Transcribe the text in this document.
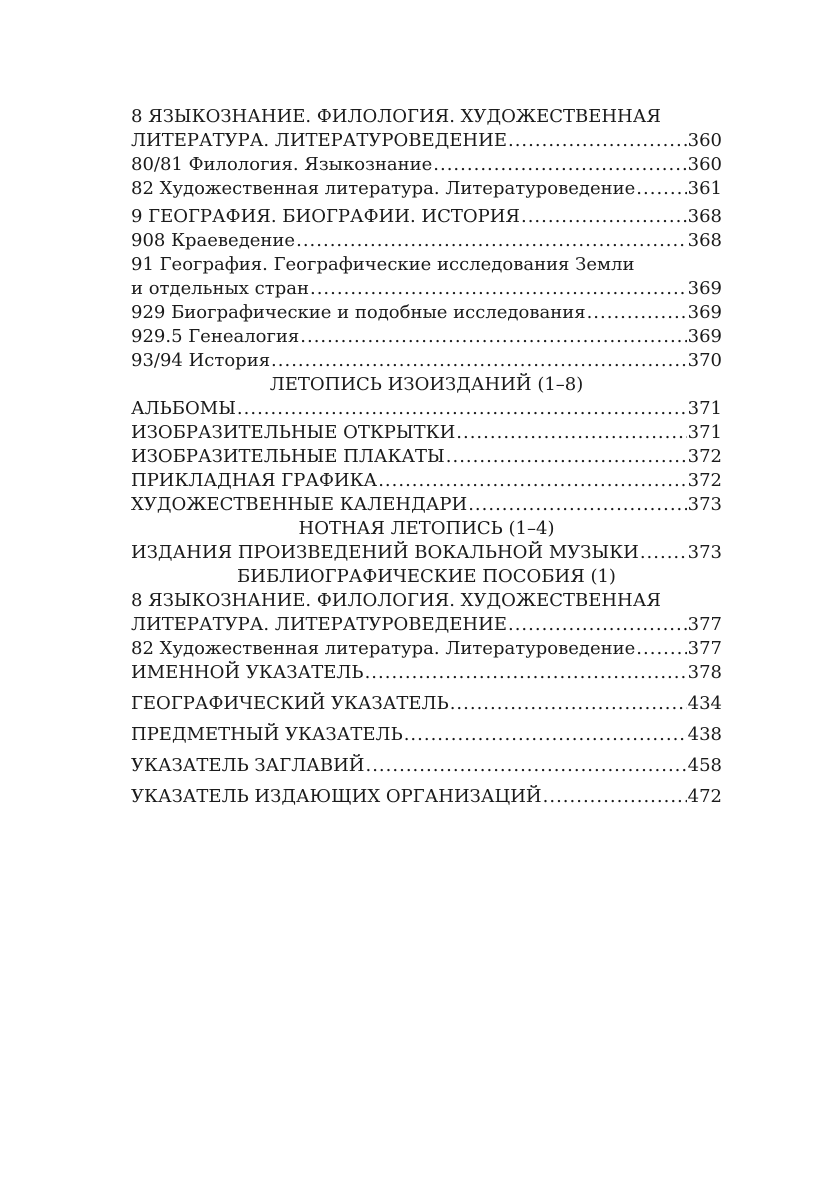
8 ЯЗЫКОЗНАНИЕ. ФИЛОЛОГИЯ. ХУДОЖЕСТВЕННАЯ
ЛИТЕРАТУРА. ЛИТЕРАТУРОВЕДЕНИЕ .....	360
80/81 Филология. Языкознание .....	360
82 Художественная литература. Литературоведение .....	361
9 ГЕОГРАФИЯ. БИОГРАФИИ. ИСТОРИЯ .....	368
908 Краеведение .....	368
91 География. Географические исследования Земли
и отдельных стран .....	369
929 Биографические и подобные исследования .....	369
929.5 Генеалогия .....	369
93/94 История .....	370
ЛЕТОПИСЬ ИЗОИЗДАНИЙ (1–8)
АЛЬБОМЫ .....	371
ИЗОБРАЗИТЕЛЬНЫЕ ОТКРЫТКИ .....	371
ИЗОБРАЗИТЕЛЬНЫЕ ПЛАКАТЫ .....	372
ПРИКЛАДНАЯ ГРАФИКА .....	372
ХУДОЖЕСТВЕННЫЕ КАЛЕНДАРИ .....	373
НОТНАЯ ЛЕТОПИСЬ (1–4)
ИЗДАНИЯ ПРОИЗВЕДЕНИЙ ВОКАЛЬНОЙ МУЗЫКИ .....	373
БИБЛИОГРАФИЧЕСКИЕ ПОСОБИЯ (1)
8 ЯЗЫКОЗНАНИЕ. ФИЛОЛОГИЯ. ХУДОЖЕСТВЕННАЯ
ЛИТЕРАТУРА. ЛИТЕРАТУРОВЕДЕНИЕ .....	377
82 Художественная литература. Литературоведение .....	377
ИМЕННОЙ УКАЗАТЕЛЬ .....	378
ГЕОГРАФИЧЕСКИЙ УКАЗАТЕЛЬ .....	434
ПРЕДМЕТНЫЙ УКАЗАТЕЛЬ .....	438
УКАЗАТЕЛЬ ЗАГЛАВИЙ .....	458
УКАЗАТЕЛЬ ИЗДАЮЩИХ ОРГАНИЗАЦИЙ .....	472
